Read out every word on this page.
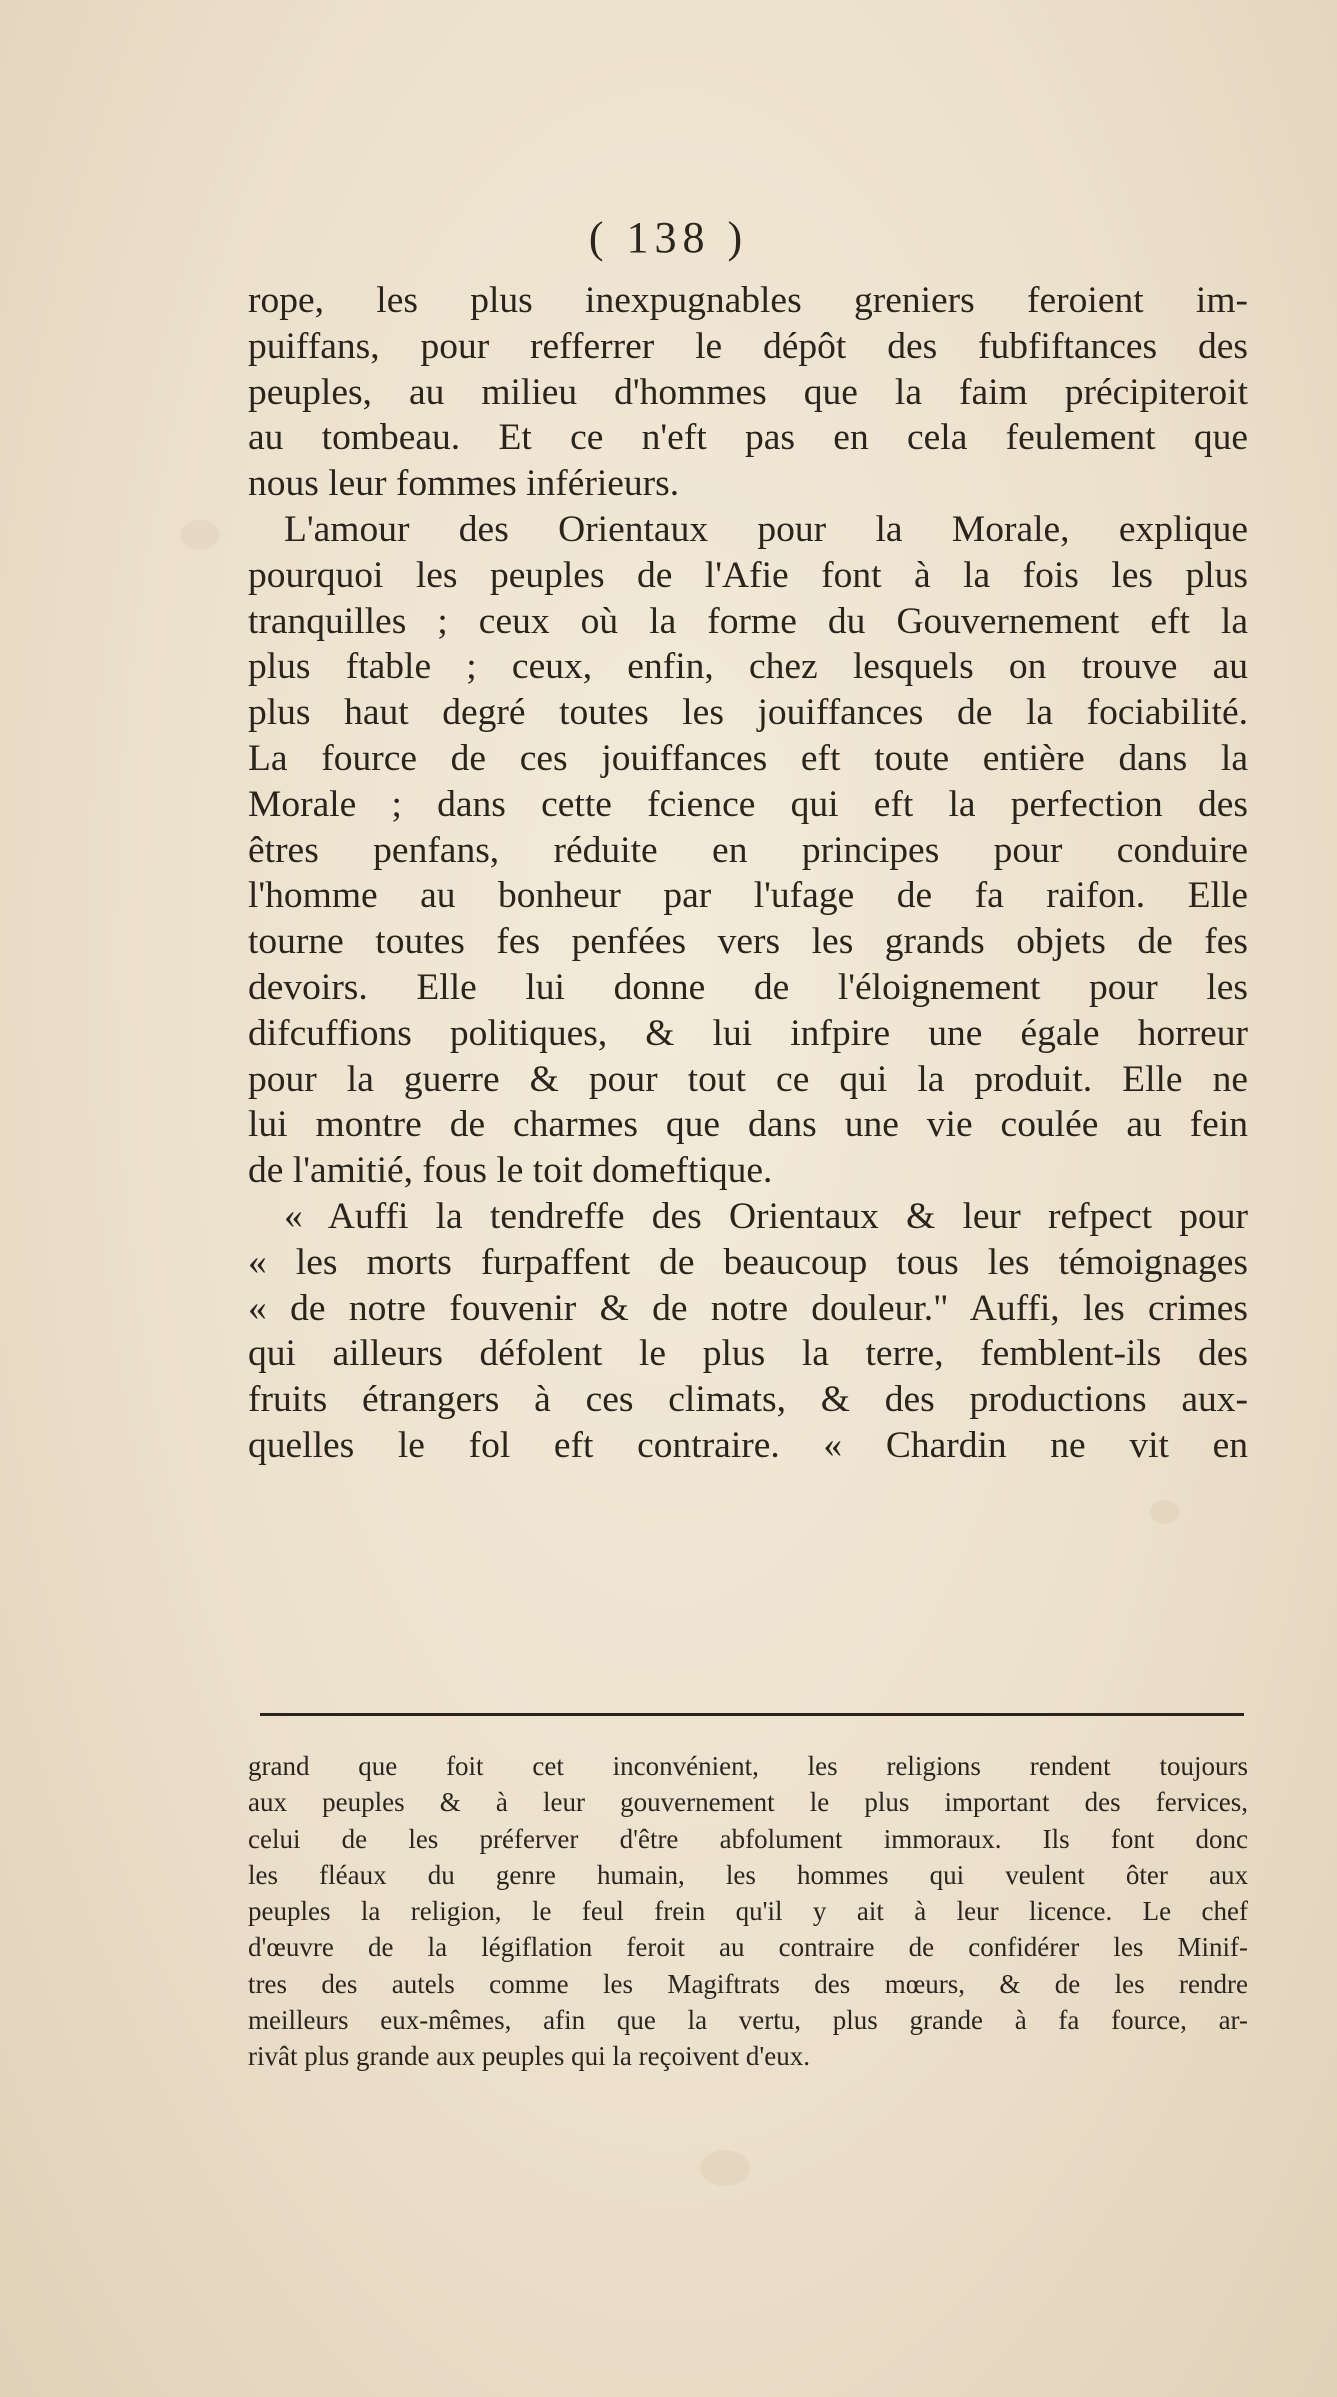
( 138 )
rope, les plus inexpugnables greniers feroient im-
puiffans, pour refferrer le dépôt des fubfiftances des
peuples, au milieu d'hommes que la faim précipiteroit
au tombeau. Et ce n'eft pas en cela feulement que
nous leur fommes inférieurs.
L'amour des Orientaux pour la Morale, explique
pourquoi les peuples de l'Afie font à la fois les plus
tranquilles ; ceux où la forme du Gouvernement eft la
plus ftable ; ceux, enfin, chez lesquels on trouve au
plus haut degré toutes les jouiffances de la fociabilité.
La fource de ces jouiffances eft toute entière dans la
Morale ; dans cette fcience qui eft la perfection des
êtres penfans, réduite en principes pour conduire
l'homme au bonheur par l'ufage de fa raifon. Elle
tourne toutes fes penfées vers les grands objets de fes
devoirs. Elle lui donne de l'éloignement pour les
difcuffions politiques, & lui infpire une égale horreur
pour la guerre & pour tout ce qui la produit. Elle ne
lui montre de charmes que dans une vie coulée au fein
de l'amitié, fous le toit domeftique.
« Auffi la tendreffe des Orientaux & leur refpect pour
« les morts furpaffent de beaucoup tous les témoignages
« de notre fouvenir & de notre douleur." Auffi, les crimes
qui ailleurs défolent le plus la terre, femblent-ils des
fruits étrangers à ces climats, & des productions aux-
quelles le fol eft contraire. « Chardin ne vit en
grand que foit cet inconvénient, les religions rendent toujours
aux peuples & à leur gouvernement le plus important des fervices,
celui de les préferver d'être abfolument immoraux. Ils font donc
les fléaux du genre humain, les hommes qui veulent ôter aux
peuples la religion, le feul frein qu'il y ait à leur licence. Le chef
d'œuvre de la légiflation feroit au contraire de confidérer les Minif-
tres des autels comme les Magiftrats des mœurs, & de les rendre
meilleurs eux-mêmes, afin que la vertu, plus grande à fa fource, ar-
rivât plus grande aux peuples qui la reçoivent d'eux.
